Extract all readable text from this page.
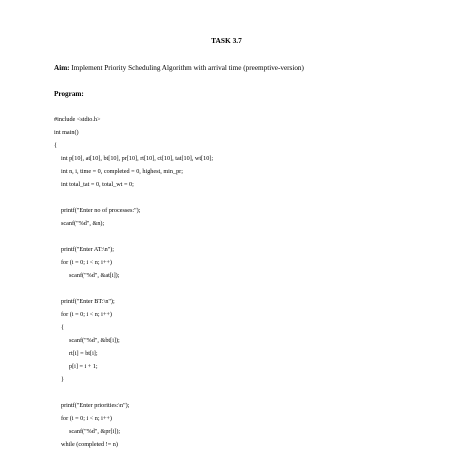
TASK 3.7
Aim: Implement Priority Scheduling Algorithm with arrival time (preemptive-version)
Program:
#include <stdio.h>
int main()
{
int p[10], at[10], bt[10], pr[10], rt[10], ct[10], tat[10], wt[10];
int n, i, time = 0, completed = 0, highest, min_pr;
int total_tat = 0, total_wt = 0;
printf("Enter no of processes:");
scanf("%d", &n);
printf("Enter AT:\n");
for (i = 0; i < n; i++)
scanf("%d", &at[i]);
printf("Enter BT:\n");
for (i = 0; i < n; i++)
{
scanf("%d", &bt[i]);
rt[i] = bt[i];
p[i] = i + 1;
}
printf("Enter priorities:\n");
for (i = 0; i < n; i++)
scanf("%d", &pr[i]);
while (completed != n)
